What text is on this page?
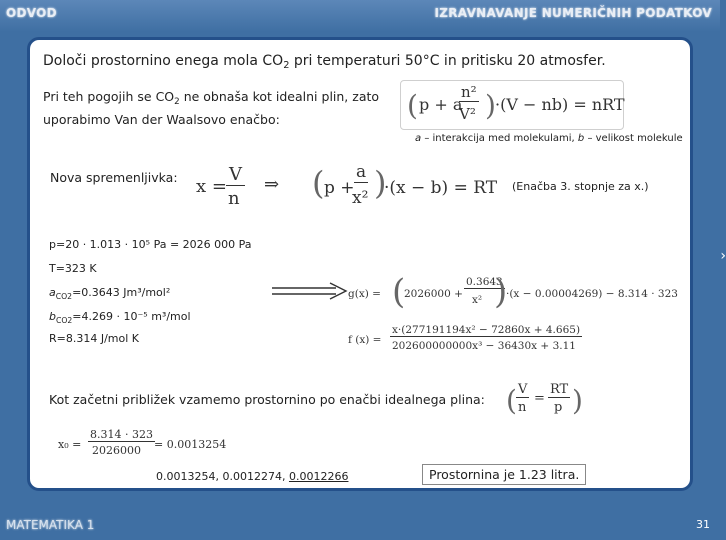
ODVOD	IZRAVNAVANJE NUMERIČNIH PODATKOV
Določi prostornino enega mola $CO_2$ pri temperaturi 50°C in pritisku 20 atmosfer.
Pri teh pogojih se $CO_2$ ne obnaša kot idealni plin, zato
uporabimo Van der Waalsovo enačbo:	( p + a
n²
V² ) ·(V − nb) = nRT
a – interakcija med molekulami, b – velikost molekule
Nova spremenljivka: x =
V
n
⇒ ( p +
a
x² )
·(x − b) = RT (Enačba 3. stopnje za x.)
p=20 · 1.013 · 10⁵ Pa = 2026 000 Pa
T=323 K
$a_{CO2}=0.3643$ Jm³/mol²
$b_{CO2}=4.269 \cdot 10^{-5}$ m³/mol
R=8.314 J/mol K
g(x) = (
2026000 +
0.3643
x² )
·(x − 0.00004269) − 8.314 · 323
f (x) =
x·(277191194x² − 72860x + 4.665)
202600000000x³ − 36430x + 3.11
Kot začetni približek vzamemo prostornino po enačbi idealnega plina: ( V
n
=
RT
p )
x₀ =
8.314 · 323
2026000 = 0.0013254
0.0013254, 0.0012274, 0.0012266	Prostornina je 1.23 litra.
›
MATEMATIKA 1	31
